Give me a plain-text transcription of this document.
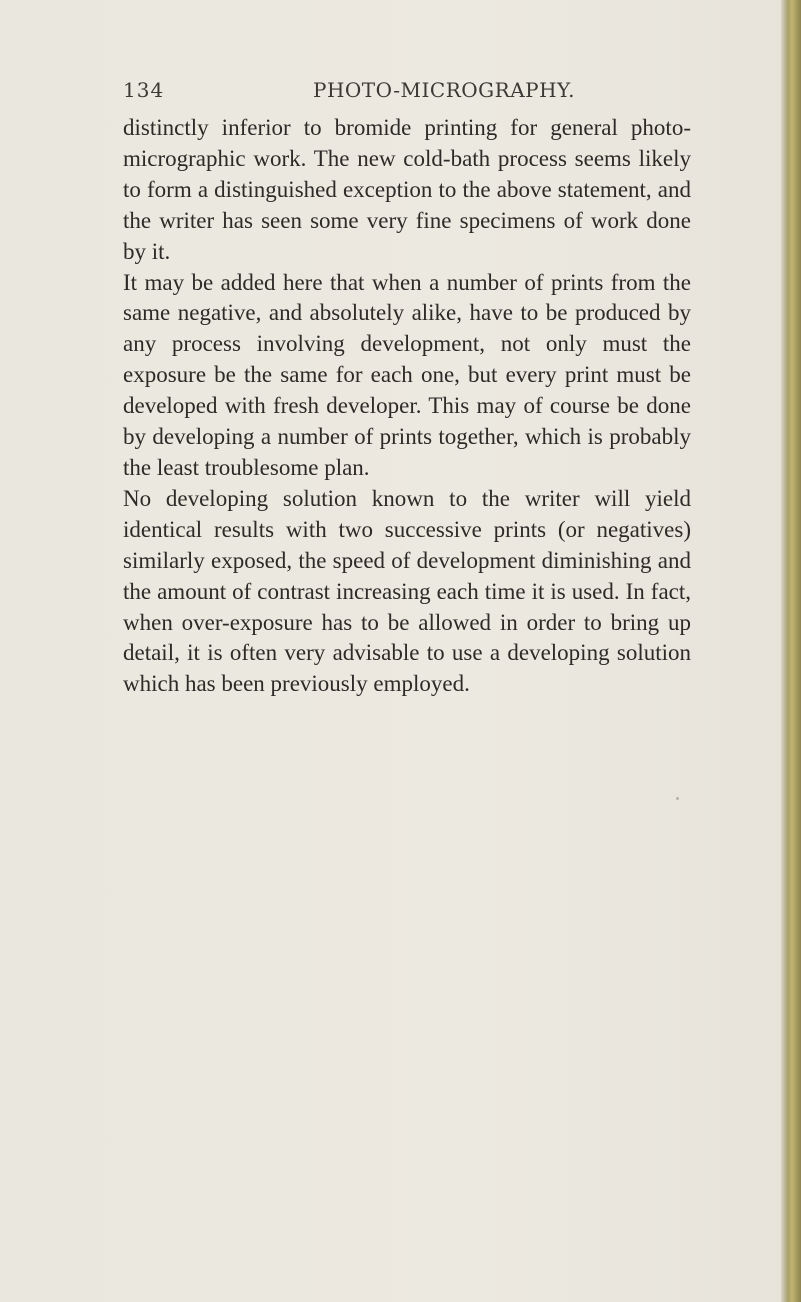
134	PHOTO-MICROGRAPHY.

distinctly inferior to bromide printing for general photo-micrographic work. The new cold-bath process seems likely to form a distinguished exception to the above statement, and the writer has seen some very fine specimens of work done by it.

It may be added here that when a number of prints from the same negative, and absolutely alike, have to be produced by any process involving development, not only must the exposure be the same for each one, but every print must be developed with fresh developer. This may of course be done by developing a number of prints together, which is probably the least troublesome plan.

No developing solution known to the writer will yield identical results with two successive prints (or negatives) similarly exposed, the speed of development diminishing and the amount of contrast increasing each time it is used. In fact, when over-exposure has to be allowed in order to bring up detail, it is often very advisable to use a developing solution which has been previously employed.
